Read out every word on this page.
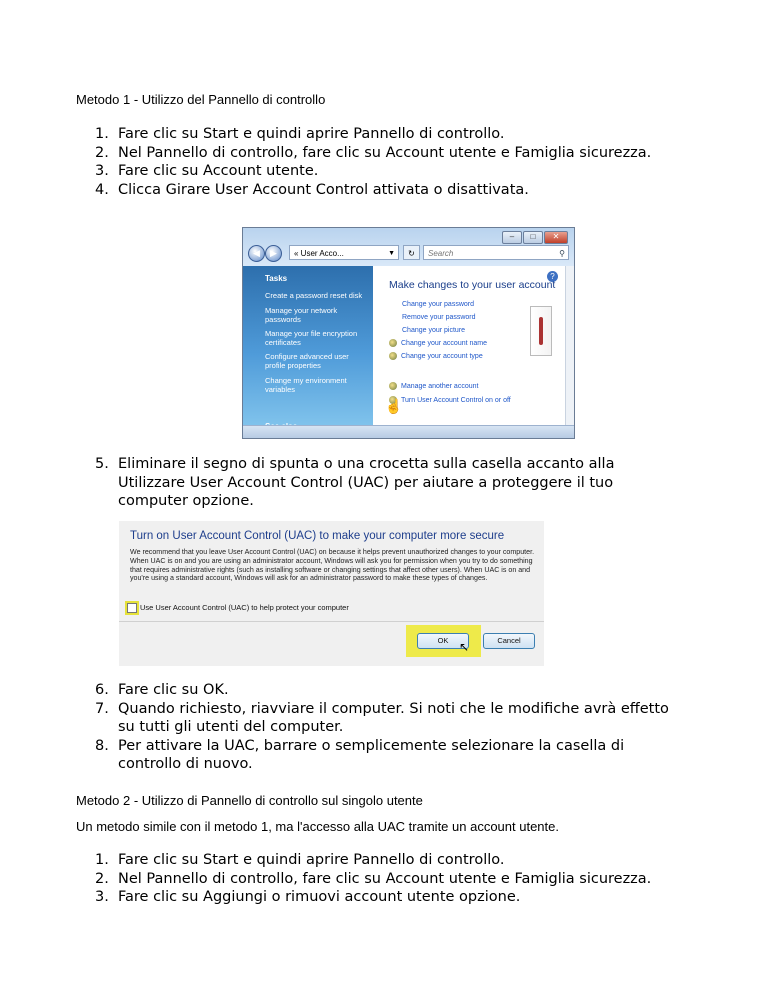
Metodo 1 - Utilizzo del Pannello di controllo
1. Fare clic su Start e quindi aprire Pannello di controllo.
2. Nel Pannello di controllo, fare clic su Account utente e Famiglia sicurezza.
3. Fare clic su Account utente.
4. Clicca Girare User Account Control attivata o disattivata.
–	□	✕
◀	▶	« User Acco...	▼	↻	Search	⚲
Tasks
Create a password reset disk
Manage your network passwords
Manage your file encryption certificates
Configure advanced user profile properties
Change my environment variables
?
Make changes to your user account
Change your password
Remove your password
Change your picture
Change your account name
Change your account type
Manage another account
Turn User Account Control on or off
☝
5. Eliminare il segno di spunta o una crocetta sulla casella accanto alla Utilizzare User Account Control (UAC) per aiutare a proteggere il tuo computer opzione.
Turn on User Account Control (UAC) to make your computer more secure
We recommend that you leave User Account Control (UAC) on because it helps prevent unauthorized changes to your computer. When UAC is on and you are using an administrator account, Windows will ask you for permission when you try to do something that requires administrative rights (such as installing software or changing settings that affect other users). When UAC is on and you're using a standard account, Windows will ask for an administrator password to make these types of changes.
Use User Account Control (UAC) to help protect your computer
OK	Cancel
↖
6. Fare clic su OK.
7. Quando richiesto, riavviare il computer. Si noti che le modifiche avrà effetto su tutti gli utenti del computer.
8. Per attivare la UAC, barrare o semplicemente selezionare la casella di controllo di nuovo.
Metodo 2 - Utilizzo di Pannello di controllo sul singolo utente
Un metodo simile con il metodo 1, ma l'accesso alla UAC tramite un account utente.
1. Fare clic su Start e quindi aprire Pannello di controllo.
2. Nel Pannello di controllo, fare clic su Account utente e Famiglia sicurezza.
3. Fare clic su Aggiungi o rimuovi account utente opzione.
